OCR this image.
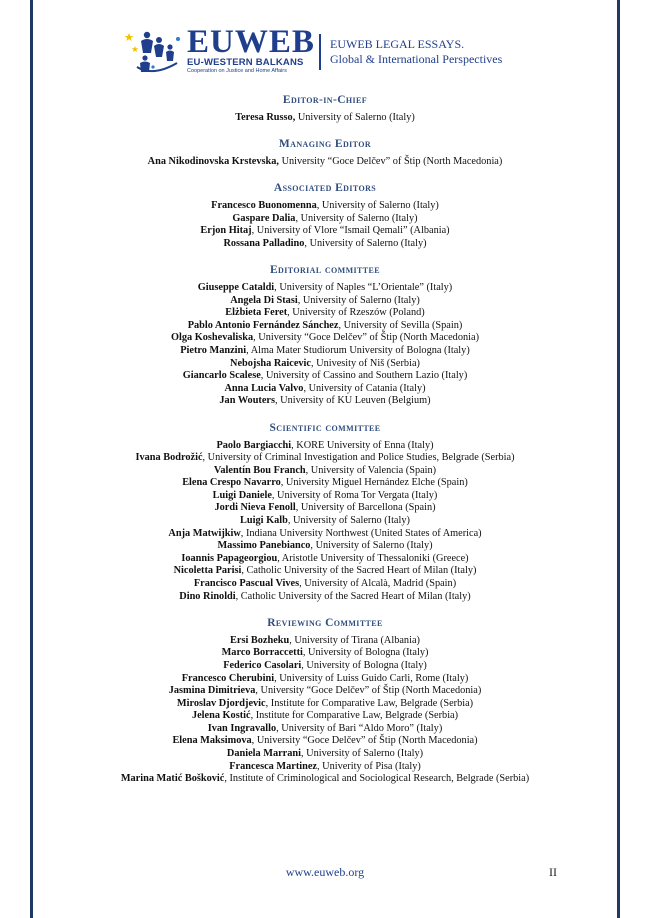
EUWEB
EU-WESTERN BALKANS
Cooperation on Justice and Home Affairs
EUWEB LEGAL ESSAYS.
Global & International Perspectives
Editor-in-Chief
Teresa Russo, University of Salerno (Italy)
Managing Editor
Ana Nikodinovska Krstevska, University “Goce Delčev” of Štip (North Macedonia)
Associated Editors
Francesco Buonomenna, University of Salerno (Italy)
Gaspare Dalia, University of Salerno (Italy)
Erjon Hitaj, University of Vlore “Ismail Qemali” (Albania)
Rossana Palladino, University of Salerno (Italy)
Editorial committee
Giuseppe Cataldi, University of Naples “L’Orientale” (Italy)
Angela Di Stasi, University of Salerno (Italy)
Elżbieta Feret, University of Rzeszów (Poland)
Pablo Antonio Fernández Sánchez, University of Sevilla (Spain)
Olga Koshevaliska, University “Goce Delčev” of Štip (North Macedonia)
Pietro Manzini, Alma Mater Studiorum University of Bologna (Italy)
Nebojsha Raicevic, Univesity of Niš (Serbia)
Giancarlo Scalese, University of Cassino and Southern Lazio (Italy)
Anna Lucia Valvo, University of Catania (Italy)
Jan Wouters, University of KU Leuven (Belgium)
Scientific committee
Paolo Bargiacchi, KORE University of Enna (Italy)
Ivana Bodrožić, University of Criminal Investigation and Police Studies, Belgrade (Serbia)
Valentín Bou Franch, University of Valencia (Spain)
Elena Crespo Navarro, University Miguel Hernández Elche (Spain)
Luigi Daniele, University of Roma Tor Vergata (Italy)
Jordi Nieva Fenoll, University of Barcellona (Spain)
Luigi Kalb, University of Salerno (Italy)
Anja Matwijkiw, Indiana University Northwest (United States of America)
Massimo Panebianco, University of Salerno (Italy)
Ioannis Papageorgiou, Aristotle University of Thessaloniki (Greece)
Nicoletta Parisi, Catholic University of the Sacred Heart of Milan (Italy)
Francisco Pascual Vives, University of Alcalà, Madrid (Spain)
Dino Rinoldi, Catholic University of the Sacred Heart of Milan (Italy)
Reviewing Committee
Ersi Bozheku, University of Tirana (Albania)
Marco Borraccetti, University of Bologna (Italy)
Federico Casolari, University of Bologna (Italy)
Francesco Cherubini, University of Luiss Guido Carli, Rome (Italy)
Jasmina Dimitrieva, University “Goce Delčev” of Štip (North Macedonia)
Miroslav Djordjevic, Institute for Comparative Law, Belgrade (Serbia)
Jelena Kostić, Institute for Comparative Law, Belgrade (Serbia)
Ivan Ingravallo, University of Bari “Aldo Moro” (Italy)
Elena Maksimova, University “Goce Delčev” of Štip (North Macedonia)
Daniela Marrani, University of Salerno (Italy)
Francesca Martinez, Univerity of Pisa (Italy)
Marina Matić Bošković, Institute of Criminological and Sociological Research, Belgrade (Serbia)
www.euweb.org	II
